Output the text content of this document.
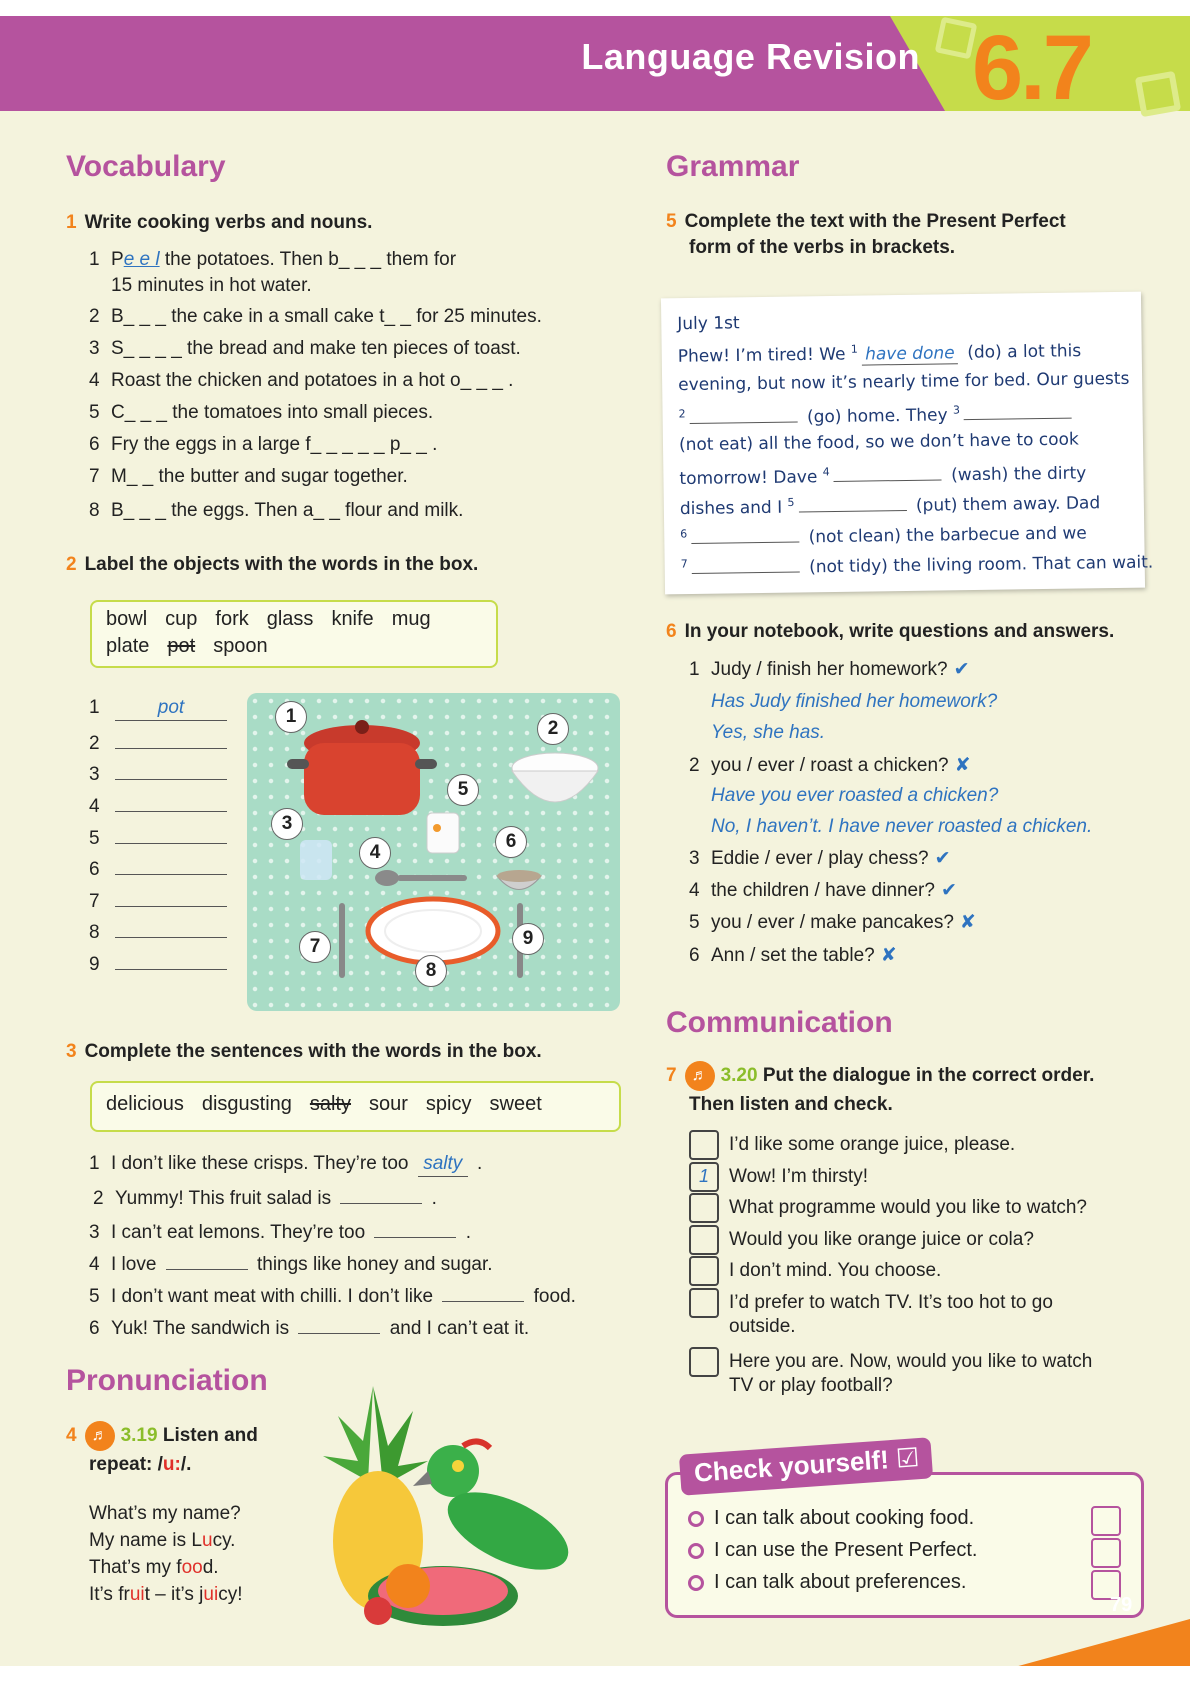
Language Revision 6.7
Vocabulary
1 Write cooking verbs and nouns.
1 Pe e l the potatoes. Then b_ _ _ them for
15 minutes in hot water.
2 B_ _ _ the cake in a small cake t_ _ for 25 minutes.
3 S_ _ _ _ the bread and make ten pieces of toast.
4 Roast the chicken and potatoes in a hot o_ _ _ .
5 C_ _ _ the tomatoes into small pieces.
6 Fry the eggs in a large f_ _ _ _ _ p_ _ .
7 M_ _ the butter and sugar together.
8 B_ _ _ the eggs. Then a_ _ flour and milk.
2 Label the objects with the words in the box.
bowl cup fork glass knife mug
plate pot spoon
1	pot
2
3
4
5
6
7
8
9
1
2
3
4
5
6
7
8
9
3 Complete the sentences with the words in the box.
delicious disgusting salty sour spicy sweet
1 I don’t like these crisps. They’re too salty .
2 Yummy! This fruit salad is	.
3 I can’t eat lemons. They’re too	.
4 I love	things like honey and sugar.
5 I don’t want meat with chilli. I don’t like	food.
6 Yuk! The sandwich is	and I can’t eat it.
Pronunciation
4 ♬ 3.19 Listen and
repeat: /u:/.
What’s my name?
My name is Lucy.
That’s my food.
It’s fruit – it’s juicy!
Grammar
5 Complete the text with the Present Perfect
form of the verbs in brackets.
July 1st
Phew! I’m tired! We $^1$ have done (do) a lot this
evening, but now it’s nearly time for bed. Our guests
$^2$	(go) home. They $^3$
(not eat) all the food, so we don’t have to cook
tomorrow! Dave $^4$	(wash) the dirty
dishes and I $^5$	(put) them away. Dad
$^6$	(not clean) the barbecue and we
$^7$	(not tidy) the living room. That can wait.
6 In your notebook, write questions and answers.
1 Judy / finish her homework? ✔
Has Judy finished her homework?
Yes, she has.
2 you / ever / roast a chicken? ✘
Have you ever roasted a chicken?
No, I haven’t. I have never roasted a chicken.
3 Eddie / ever / play chess? ✔
4 the children / have dinner? ✔
5 you / ever / make pancakes? ✘
6 Ann / set the table? ✘
Communication
7 ♬ 3.20 Put the dialogue in the correct order.
Then listen and check.
I’d like some orange juice, please.
1 Wow! I’m thirsty!
What programme would you like to watch?
Would you like orange juice or cola?
I don’t mind. You choose.
I’d prefer to watch TV. It’s too hot to go
outside.
Here you are. Now, would you like to watch
TV or play football?
Check yourself! ☑
I can talk about cooking food.
I can use the Present Perfect.
I can talk about preferences.
79
